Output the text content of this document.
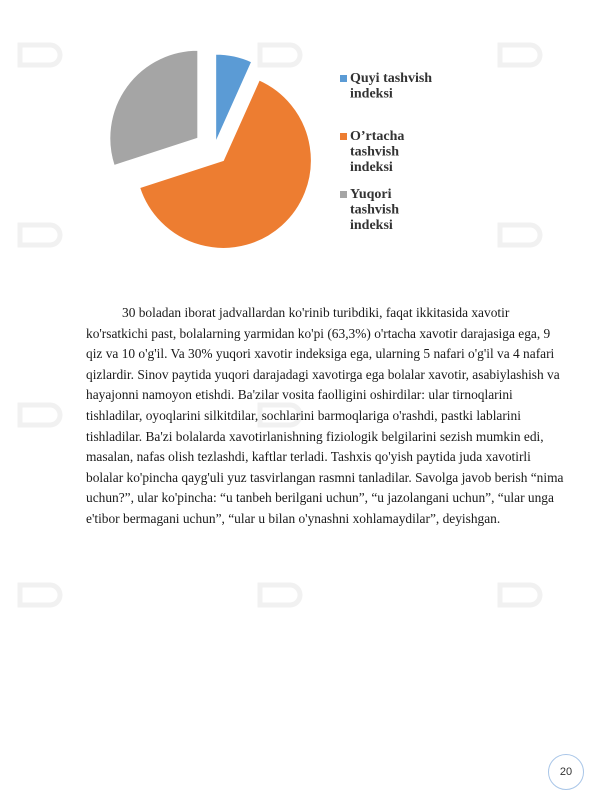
Quyi tashvish indeksi
O’rtacha tashvish indeksi
Yuqori tashvish indeksi

30 boladan iborat jadvallardan ko'rinib turibdiki, faqat ikkitasida xavotir ko'rsatkichi past, bolalarning yarmidan ko'pi (63,3%) o'rtacha xavotir darajasiga ega, 9 qiz va 10 o'g'il. Va 30% yuqori xavotir indeksiga ega, ularning 5 nafari o'g'il va 4 nafari qizlardir. Sinov paytida yuqori darajadagi xavotirga ega bolalar xavotir, asabiylashish va hayajonni namoyon etishdi. Ba'zilar vosita faolligini oshirdilar: ular tirnoqlarini tishladilar, oyoqlarini silkitdilar, sochlarini barmoqlariga o'rashdi, pastki lablarini tishladilar. Ba'zi bolalarda xavotirlanishning fiziologik belgilarini sezish mumkin edi, masalan, nafas olish tezlashdi, kaftlar terladi. Tashxis qo'yish paytida juda xavotirli bolalar ko'pincha qayg'uli yuz tasvirlangan rasmni tanladilar. Savolga javob berish “nima uchun?”, ular ko'pincha: “u tanbeh berilgani uchun”, “u jazolangani uchun”, “ular unga e'tibor bermagani uchun”, “ular u bilan o'ynashni xohlamaydilar”, deyishgan.

20
